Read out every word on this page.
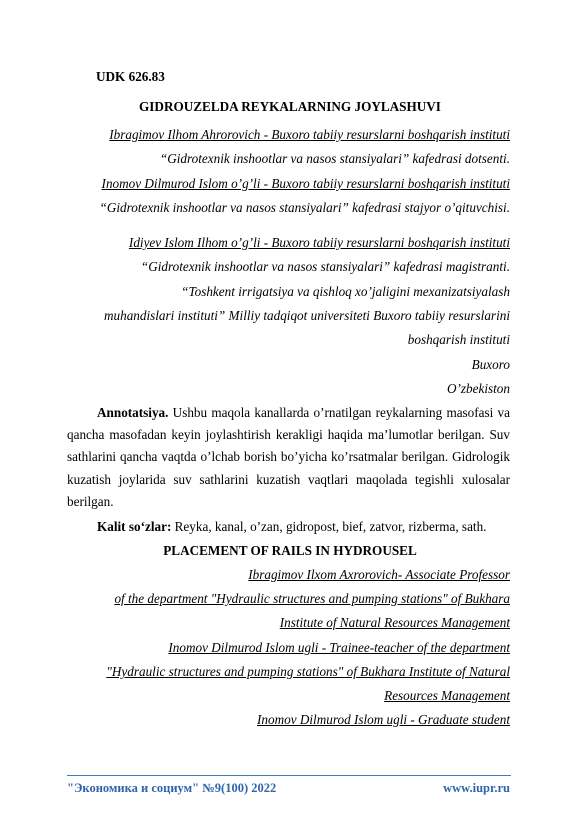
UDK 626.83
GIDROUZELDA REYKALARNING JOYLASHUVI
Ibragimov Ilhom Ahrorovich - Buxoro tabiiy resurslarni boshqarish instituti
“Gidrotexnik inshootlar va nasos stansiyalari” kafedrasi dotsenti.
Inomov Dilmurod Islom o’g’li - Buxoro tabiiy resurslarni boshqarish instituti
“Gidrotexnik inshootlar va nasos stansiyalari” kafedrasi stajyor o’qituvchisi.
Idiyev Islom Ilhom o’g’li - Buxoro tabiiy resurslarni boshqarish instituti
“Gidrotexnik inshootlar va nasos stansiyalari” kafedrasi magistranti.
“Toshkent irrigatsiya va qishloq xo’jaligini mexanizatsiyalash
muhandislari instituti” Milliy tadqiqot universiteti Buxoro tabiiy resurslarini
boshqarish instituti
Buxoro
O’zbekiston

Annotatsiya. Ushbu maqola kanallarda o’rnatilgan reykalarning masofasi va qancha masofadan keyin joylashtirish kerakligi haqida ma’lumotlar berilgan. Suv sathlarini qancha vaqtda o’lchab borish bo’yicha ko’rsatmalar berilgan. Gidrologik kuzatish joylarida suv sathlarini kuzatish vaqtlari maqolada tegishli xulosalar berilgan.

Kalit so‘zlar: Reyka, kanal, o’zan, gidropost, bief, zatvor, rizberma, sath.
PLACEMENT OF RAILS IN HYDROUSEL
Ibragimov Ilxom Axrorovich- Associate Professor
of the department "Hydraulic structures and pumping stations" of Bukhara
Institute of Natural Resources Management
Inomov Dilmurod Islom ugli - Trainee-teacher of the department
"Hydraulic structures and pumping stations" of Bukhara Institute of Natural
Resources Management
Inomov Dilmurod Islom ugli - Graduate student
"Экономика и социум" №9(100) 2022	www.iupr.ru
